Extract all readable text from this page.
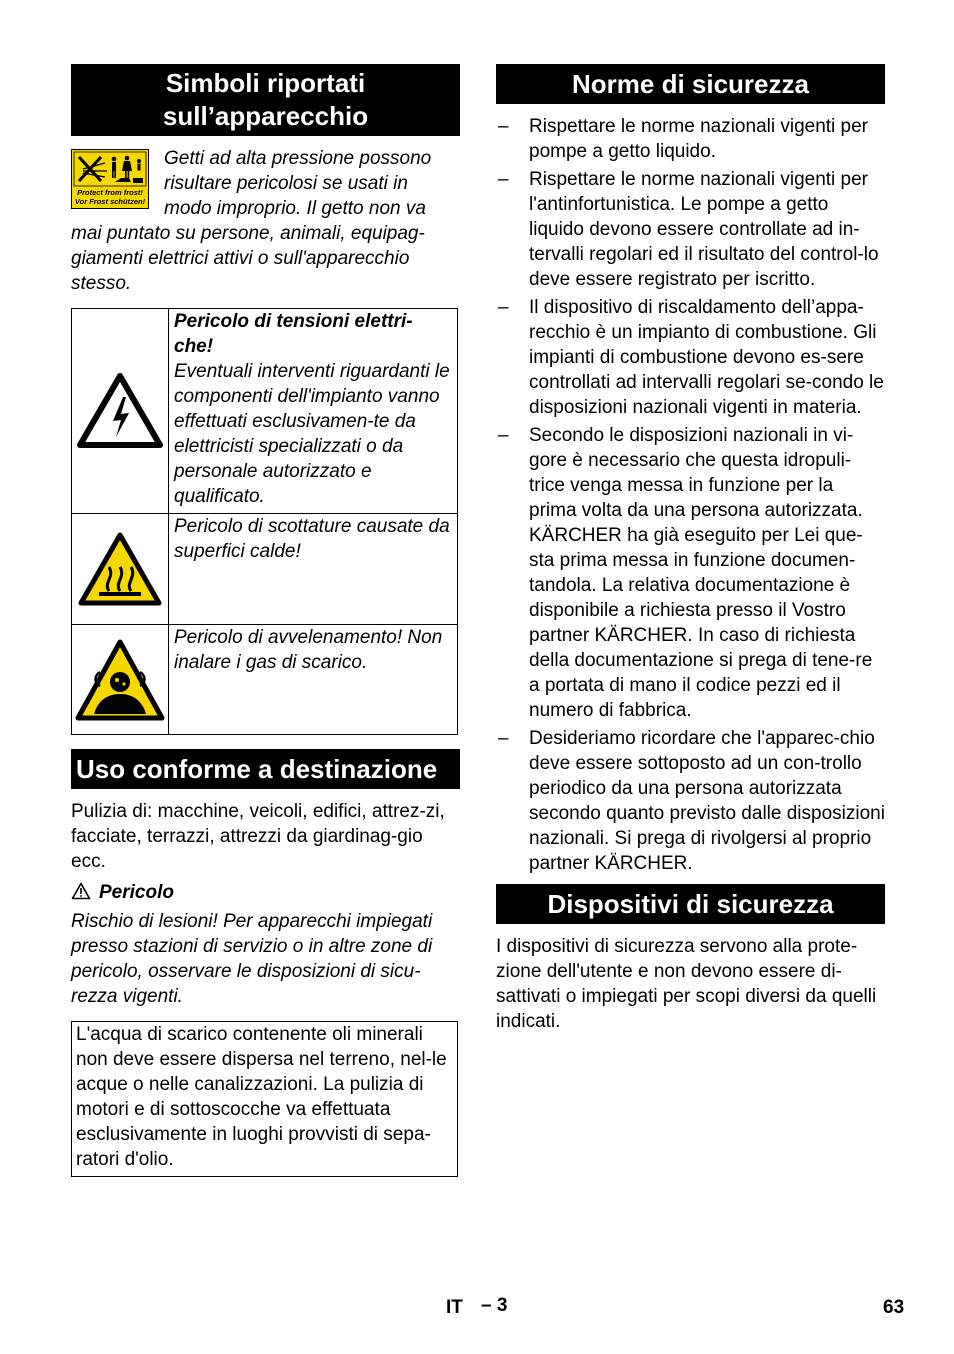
Simboli riportati
sull’apparecchio
Protect from frost!
Vor Frost schützen!
Getti ad alta pressione possono risultare pericolosi se usati in modo improprio. Il getto non va mai puntato su persone, animali, equipag-giamenti elettrici attivi o sull'apparecchio stesso.

Pericolo di tensioni elettri-che!
Eventuali interventi riguardanti le componenti dell'impianto vanno effettuati esclusivamen-te da elettricisti specializzati o da personale autorizzato e qualificato.

Pericolo di scottature causate da superfici calde!

Pericolo di avvelenamento! Non inalare i gas di scarico.
Uso conforme a destinazione
Pulizia di: macchine, veicoli, edifici, attrez-zi, facciate, terrazzi, attrezzi da giardinag-gio ecc.
Pericolo
Rischio di lesioni! Per apparecchi impiegati presso stazioni di servizio o in altre zone di pericolo, osservare le disposizioni di sicu-rezza vigenti.
L'acqua di scarico contenente oli minerali non deve essere dispersa nel terreno, nel-le acque o nelle canalizzazioni. La pulizia di motori e di sottoscocche va effettuata esclusivamente in luoghi provvisti di sepa-ratori d'olio.
Norme di sicurezza
– Rispettare le norme nazionali vigenti per pompe a getto liquido.
– Rispettare le norme nazionali vigenti per l'antinfortunistica. Le pompe a getto liquido devono essere controllate ad in-tervalli regolari ed il risultato del control-lo deve essere registrato per iscritto.
– Il dispositivo di riscaldamento dell’appa-recchio è un impianto di combustione. Gli impianti di combustione devono es-sere controllati ad intervalli regolari se-condo le disposizioni nazionali vigenti in materia.
– Secondo le disposizioni nazionali in vi-gore è necessario che questa idropuli-trice venga messa in funzione per la prima volta da una persona autorizzata. KÄRCHER ha già eseguito per Lei que-sta prima messa in funzione documen-tandola. La relativa documentazione è disponibile a richiesta presso il Vostro partner KÄRCHER. In caso di richiesta della documentazione si prega di tene-re a portata di mano il codice pezzi ed il numero di fabbrica.
– Desideriamo ricordare che l'apparec-chio deve essere sottoposto ad un con-trollo periodico da una persona autorizzata secondo quanto previsto dalle disposizioni nazionali. Si prega di rivolgersi al proprio partner KÄRCHER.
Dispositivi di sicurezza
I dispositivi di sicurezza servono alla prote-zione dell'utente e non devono essere di-sattivati o impiegati per scopi diversi da quelli indicati.
IT – 3	63
